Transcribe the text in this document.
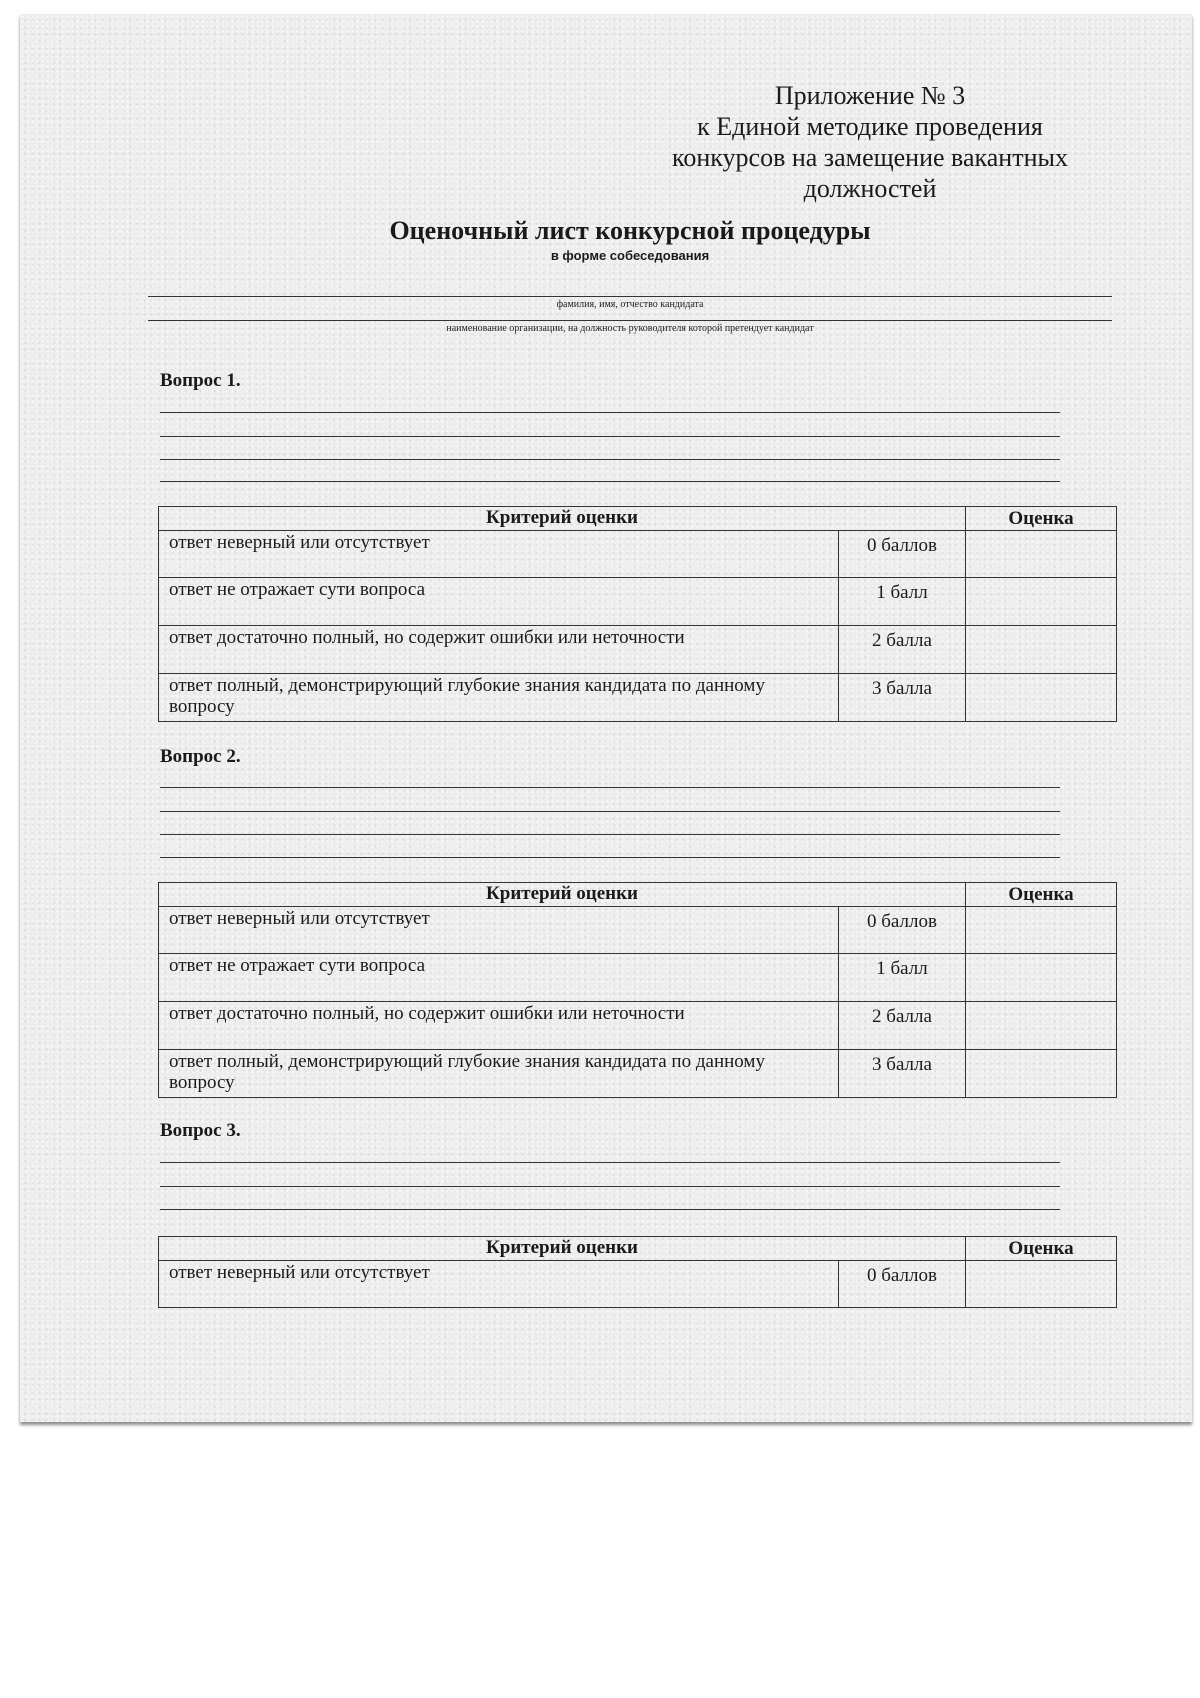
Приложение № 3
к Единой методике проведения
конкурсов на замещение вакантных
должностей
Оценочный лист конкурсной процедуры
в форме собеседования
фамилия, имя, отчество кандидата
наименование организации, на должность руководителя которой претендует кандидат
Вопрос 1.
Критерий оценки		Оценка

ответ неверный или отсутствует	0 баллов	
ответ не отражает сути вопроса	1 балл	
ответ достаточно полный, но содержит ошибки или неточности	2 балла	
ответ полный, демонстрирующий глубокие знания кандидата по данному вопросу	3 балла	
Вопрос 2.
Критерий оценки		Оценка

ответ неверный или отсутствует	0 баллов	
ответ не отражает сути вопроса	1 балл	
ответ достаточно полный, но содержит ошибки или неточности	2 балла	
ответ полный, демонстрирующий глубокие знания кандидата по данному вопросу	3 балла	
Вопрос 3.
Критерий оценки		Оценка

ответ неверный или отсутствует	0 баллов	
